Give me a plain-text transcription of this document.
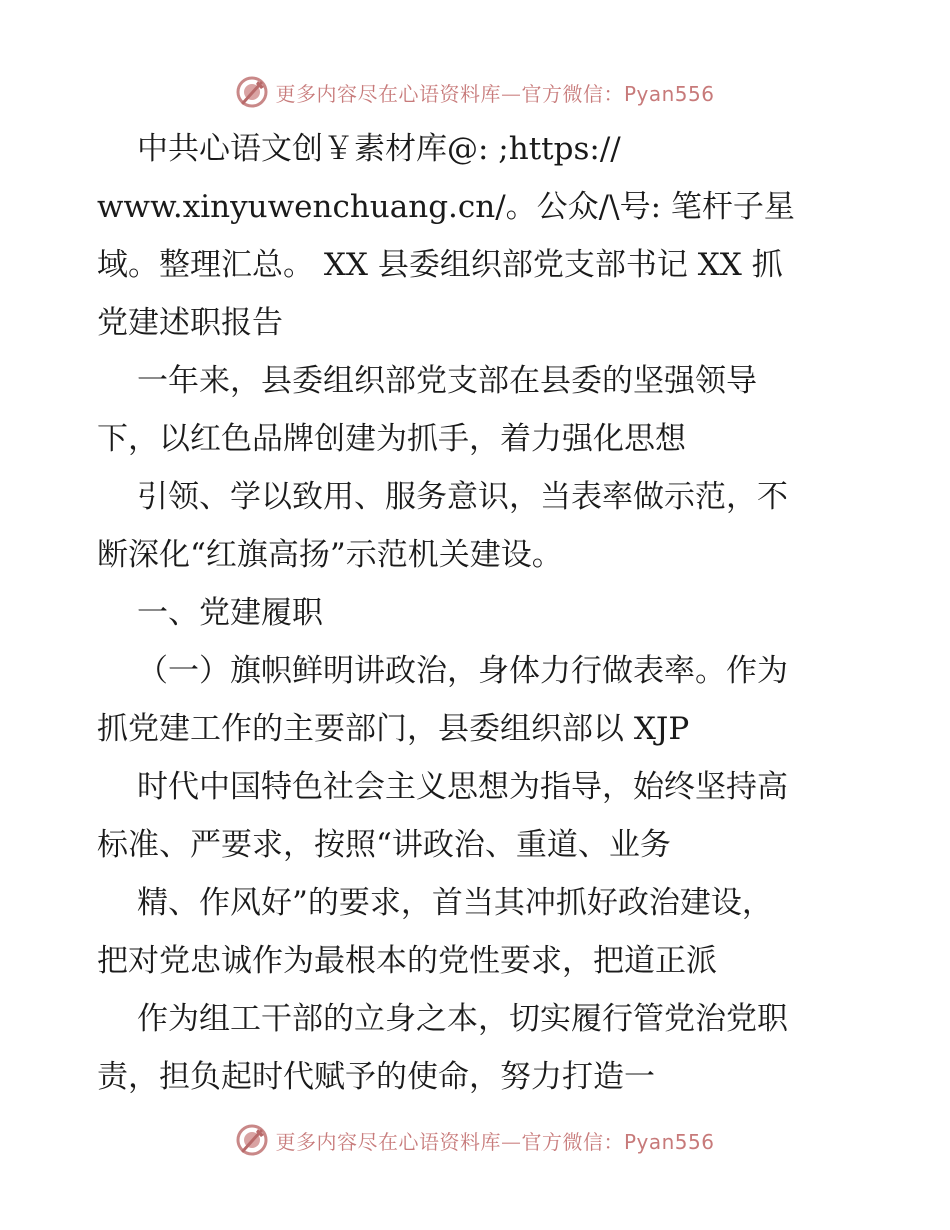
更多内容尽在心语资料库—官方微信：Pyan556
中共心语文创￥素材库@: ;https://
www.xinyuwenchuang.cn/。公众/\号: 笔杆子星
域。整理汇总。 XX 县委组织部党支部书记 XX 抓
党建述职报告
一年来，县委组织部党支部在县委的坚强领导
下，以红色品牌创建为抓手，着力强化思想
引领、学以致用、服务意识，当表率做示范，不
断深化“红旗高扬”示范机关建设。
一、党建履职
（一）旗帜鲜明讲政治，身体力行做表率。作为
抓党建工作的主要部门，县委组织部以 XJP
时代中国特色社会主义思想为指导，始终坚持高
标准、严要求，按照“讲政治、重道、业务
精、作风好”的要求，首当其冲抓好政治建设，
把对党忠诚作为最根本的党性要求，把道正派
作为组工干部的立身之本，切实履行管党治党职
责，担负起时代赋予的使命，努力打造一
更多内容尽在心语资料库—官方微信：Pyan556
